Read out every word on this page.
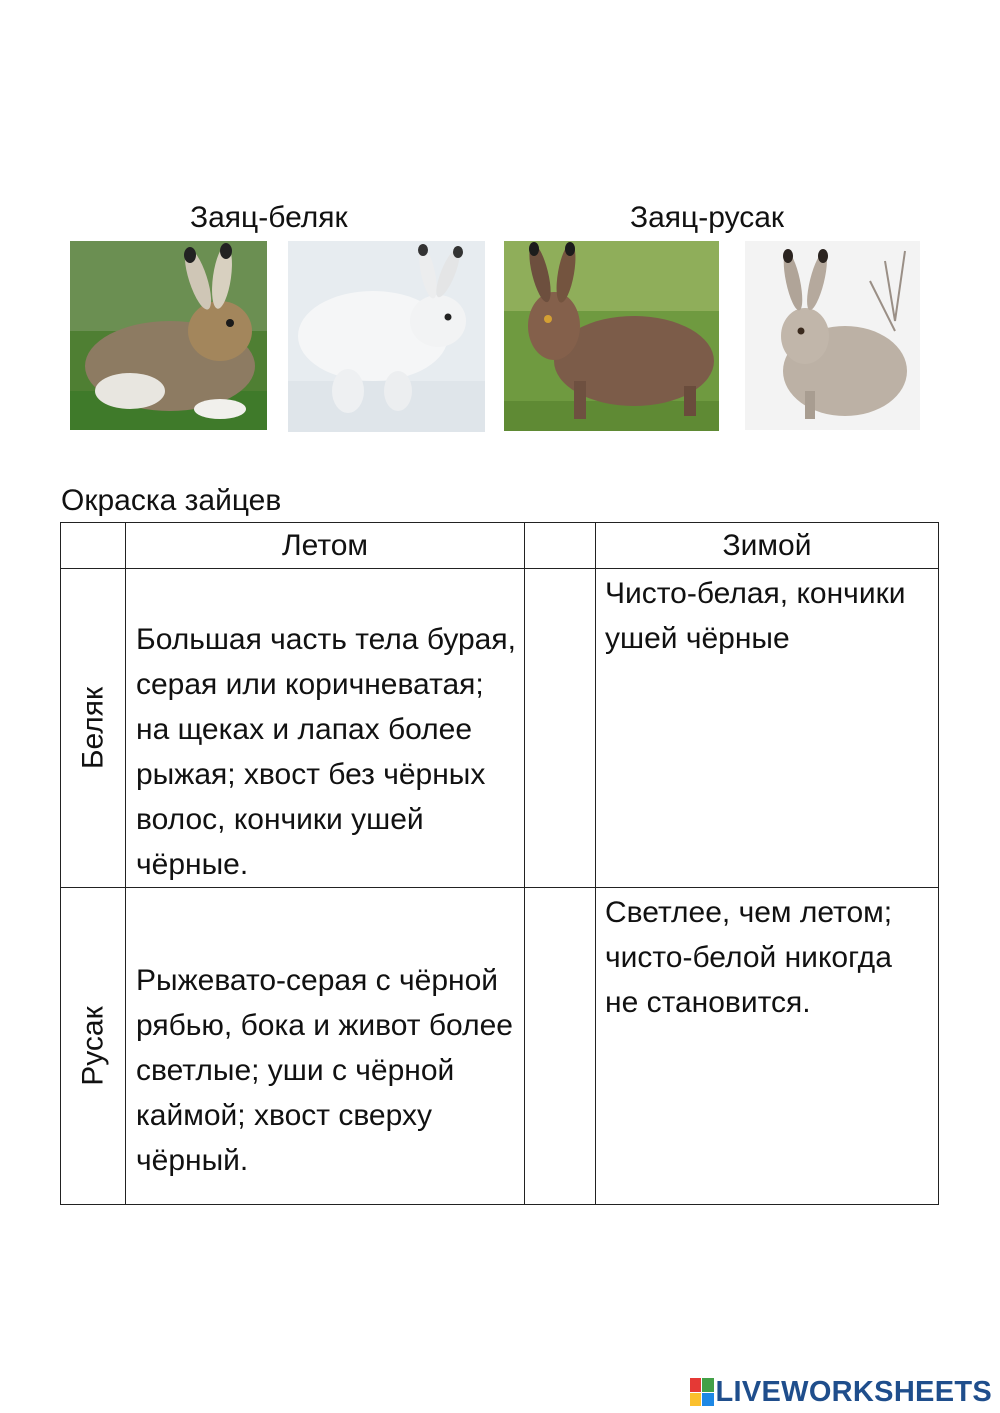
Заяц-беляк	Заяц-русак
Окраска зайцев
	Летом		Зимой

Беляк	Большая часть тела бурая, серая или коричневатая; на щеках и лапах более рыжая; хвост без чёрных волос, кончики ушей чёрные.		Чисто-белая, кончики ушей чёрные

Русак	Рыжевато-серая с чёрной рябью, бока и живот более светлые; уши с чёрной каймой; хвост сверху чёрный.		Светлее, чем летом; чисто-белой никогда не становится.
LIVEWORKSHEETS
